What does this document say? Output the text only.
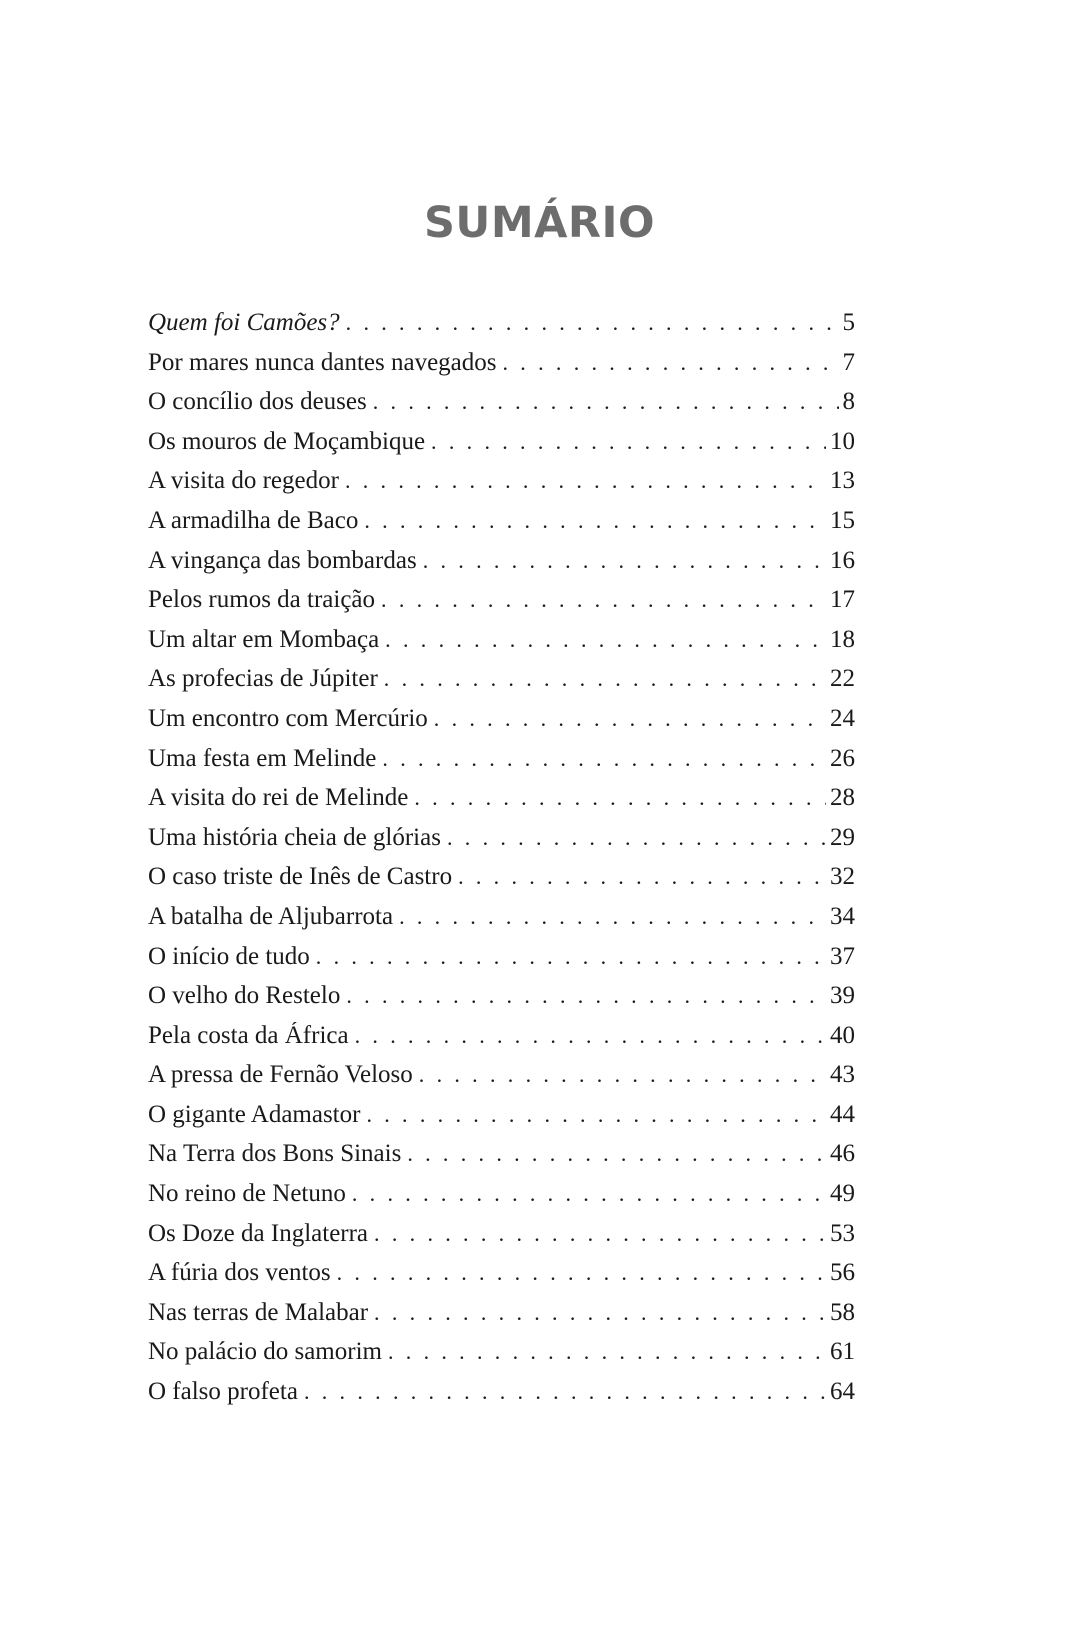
SUMÁRIO
Quem foi Camões? . . .	5
Por mares nunca dantes navegados . . .	7
O concílio dos deuses . . .	8
Os mouros de Moçambique . . .	10
A visita do regedor . . .	13
A armadilha de Baco . . .	15
A vingança das bombardas . . .	16
Pelos rumos da traição . . .	17
Um altar em Mombaça . . .	18
As profecias de Júpiter . . .	22
Um encontro com Mercúrio . . .	24
Uma festa em Melinde . . .	26
A visita do rei de Melinde . . .	28
Uma história cheia de glórias . . .	29
O caso triste de Inês de Castro . . .	32
A batalha de Aljubarrota . . .	34
O início de tudo . . .	37
O velho do Restelo . . .	39
Pela costa da África . . .	40
A pressa de Fernão Veloso . . .	43
O gigante Adamastor . . .	44
Na Terra dos Bons Sinais . . .	46
No reino de Netuno . . .	49
Os Doze da Inglaterra . . .	53
A fúria dos ventos . . .	56
Nas terras de Malabar . . .	58
No palácio do samorim . . .	61
O falso profeta . . .	64
